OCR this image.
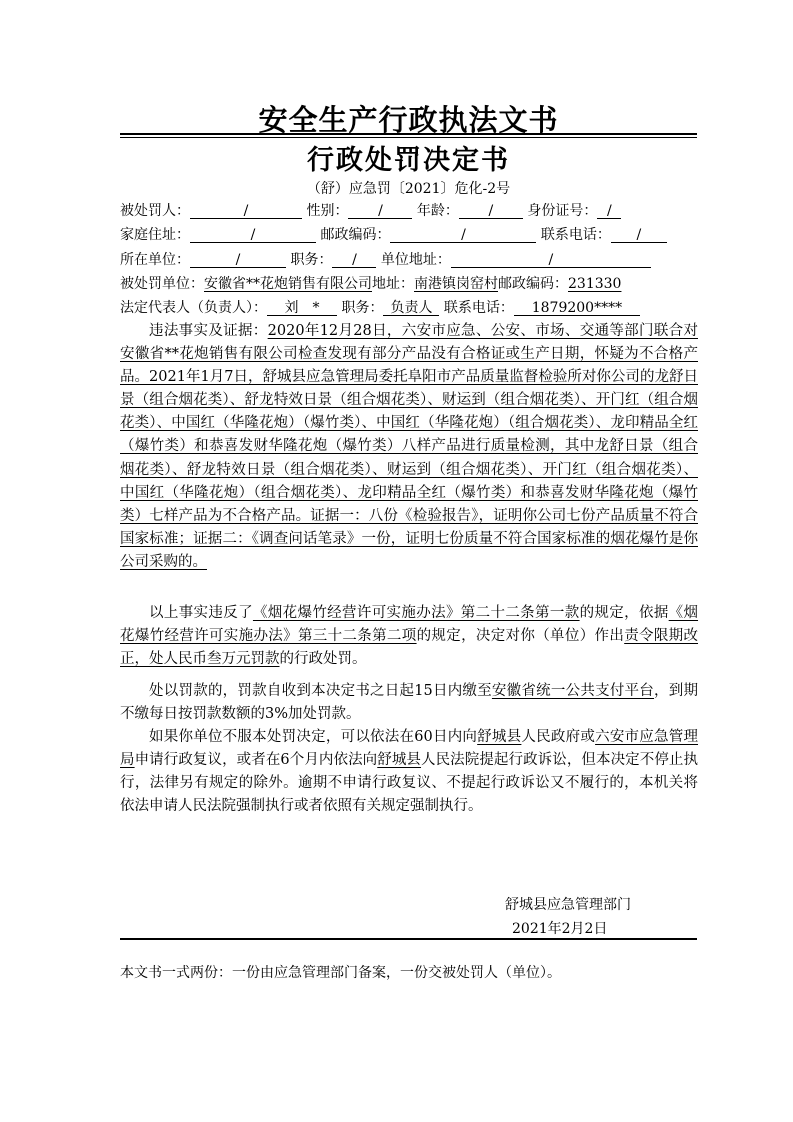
安全生产行政执法文书
行政处罚决定书
（舒）应急罚〔2021〕危化-2号
被处罚人：	/	性别： / 年龄： / 身份证号： /
家庭住址：	/	邮政编码：	/	联系电话： /
所在单位：	/	职务： / 单位地址：	/
被处罚单位：安徽省**花炮销售有限公司地址：南港镇岗窑村邮政编码：231330
法定代表人（负责人）： 刘　* 职务： 负责人 联系电话： 1879200****
违法事实及证据：2020年12月28日，六安市应急、公安、市场、交通等部门联合对安徽省**花炮销售有限公司检查发现有部分产品没有合格证或生产日期，怀疑为不合格产品。2021年1月7日，舒城县应急管理局委托阜阳市产品质量监督检验所对你公司的龙舒日景（组合烟花类）、舒龙特效日景（组合烟花类）、财运到（组合烟花类）、开门红（组合烟花类）、中国红（华隆花炮）（爆竹类）、中国红（华隆花炮）（组合烟花类）、龙印精品全红（爆竹类）和恭喜发财华隆花炮（爆竹类）八样产品进行质量检测，其中龙舒日景（组合烟花类）、舒龙特效日景（组合烟花类）、财运到（组合烟花类）、开门红（组合烟花类）、中国红（华隆花炮）（组合烟花类）、龙印精品全红（爆竹类）和恭喜发财华隆花炮（爆竹类）七样产品为不合格产品。证据一：八份《检验报告》，证明你公司七份产品质量不符合国家标准；证据二：《调查问话笔录》一份，证明七份质量不符合国家标准的烟花爆竹是你公司采购的。
以上事实违反了《烟花爆竹经营许可实施办法》第二十二条第一款的规定，依据《烟花爆竹经营许可实施办法》第三十二条第二项的规定，决定对你（单位）作出责令限期改正，处人民币叁万元罚款的行政处罚。
处以罚款的，罚款自收到本决定书之日起15日内缴至安徽省统一公共支付平台，到期不缴每日按罚款数额的3%加处罚款。
如果你单位不服本处罚决定，可以依法在60日内向舒城县人民政府或六安市应急管理局申请行政复议，或者在6个月内依法向舒城县人民法院提起行政诉讼，但本决定不停止执行，法律另有规定的除外。逾期不申请行政复议、不提起行政诉讼又不履行的，本机关将依法申请人民法院强制执行或者依照有关规定强制执行。
舒城县应急管理部门
2021年2月2日
本文书一式两份：一份由应急管理部门备案，一份交被处罚人（单位）。
